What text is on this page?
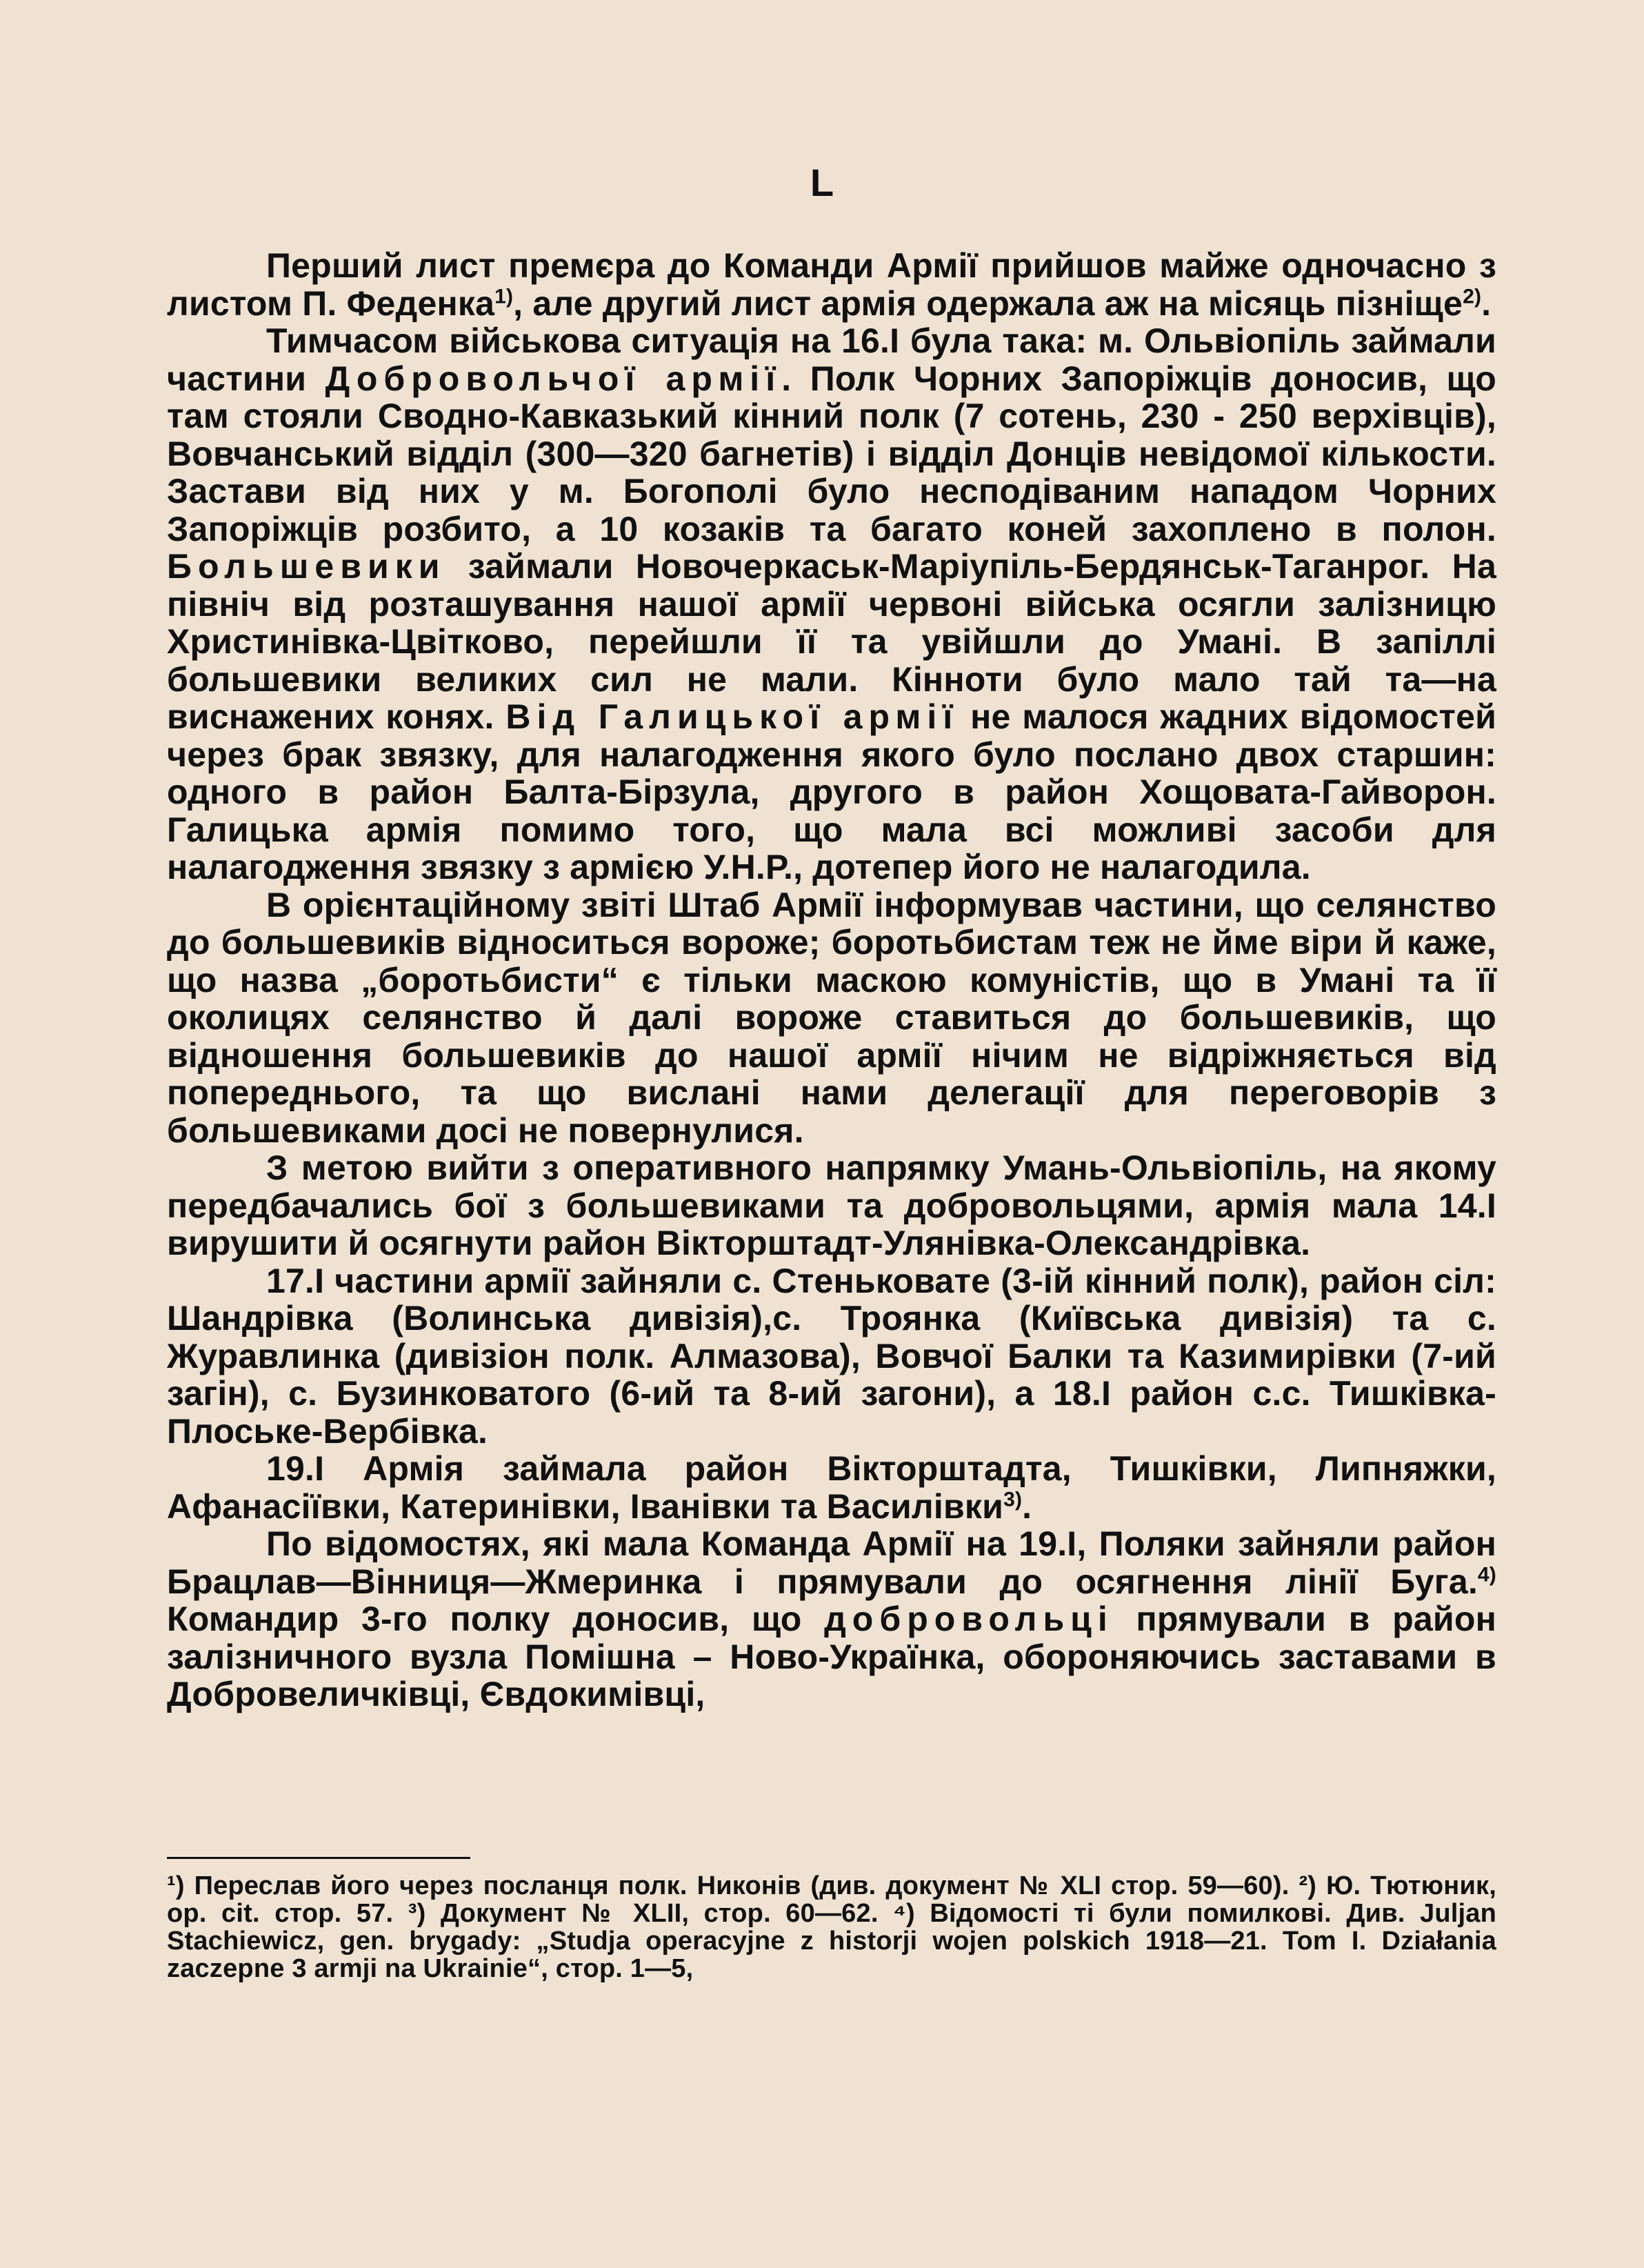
L

Перший лист премєра до Команди Армії прийшов майже одночасно з листом П. Феденка$^{1)}$, але другий лист армія одержала аж на місяць пізніще$^{2)}$.

Тимчасом військова ситуація на 16.I була така: м. Ольвіопіль займали частини Добровольчої армії. Полк Чорних Запоріжців доносив, що там стояли Сводно-Кавказький кінний полк (7 сотень, 230 - 250 верхівців), Вовчанський відділ (300—320 багнетів) і відділ Донців невідомої кількости. Застави від них у м. Богополі було несподіваним нападом Чорних Запоріжців розбито, а 10 козаків та багато коней захоплено в полон. Большевики займали Новочеркаськ-Маріупіль-Бердянськ-Таганрог. На північ від розташування нашої армії червоні війська осягли залізницю Христинівка-Цвітково, перейшли її та увійшли до Умані. В запіллі большевики великих сил не мали. Кінноти було мало тай та—на виснажених конях. Від Галицької армії не малося жадних відомостей через брак звязку, для налагодження якого було послано двох старшин: одного в район Балта-Бірзула, другого в район Хощовата-Гайворон. Галицька армія помимо того, що мала всі можливі засоби для налагодження звязку з армією У.Н.Р., дотепер його не налагодила.

В орієнтаційному звіті Штаб Армії інформував частини, що селянство до большевиків відноситься вороже; боротьбистам теж не йме віри й каже, що назва „боротьбисти“ є тільки маскою комуністів, що в Умані та її околицях селянство й далі вороже ставиться до большевиків, що відношення большевиків до нашої армії нічим не відріжняється від попереднього, та що вислані нами делегації для переговорів з большевиками досі не повернулися.

З метою вийти з оперативного напрямку Умань-Ольвіопіль, на якому передбачались бої з большевиками та добровольцями, армія мала 14.I вирушити й осягнути район Вікторштадт-Улянівка-Олександрівка.

17.I частини армії зайняли с. Стеньковате (3-ій кінний полк), район сіл: Шандрівка (Волинська дивізія),с. Троянка (Київська дивізія) та с. Журавлинка (дивізіон полк. Алмазова), Вовчої Балки та Казимирівки (7-ий загін), с. Бузинковатого (6-ий та 8-ий загони), а 18.I район с.с. Тишківка-Плоське-Вербівка.

19.I Армія займала район Вікторштадта, Тишківки, Липняжки, Афанасіївки, Катеринівки, Іванівки та Василівки$^{3)}$.

По відомостях, які мала Команда Армії на 19.I, Поляки зайняли район Брацлав—Вінниця—Жмеринка і прямували до осягнення лінії Буга.$^{4)}$ Командир 3-го полку доносив, що добровольці прямували в район залізничного вузла Помішна – Ново-Українка, обороняючись заставами в Добровеличківці, Євдокимівці,

¹) Переслав його через посланця полк. Никонів (див. документ № XLI стор. 59—60). ²) Ю. Тютюник, ор. cit. стор. 57. ³) Документ № XLII, стор. 60—62. ⁴) Відомості ті були помилкові. Див. Juljan Stachiewicz, gen. brygady: „Studja operacyjne z historji wojen polskich 1918—21. Tom I. Działania zaczepne 3 armji na Ukrainie“, стор. 1—5,
